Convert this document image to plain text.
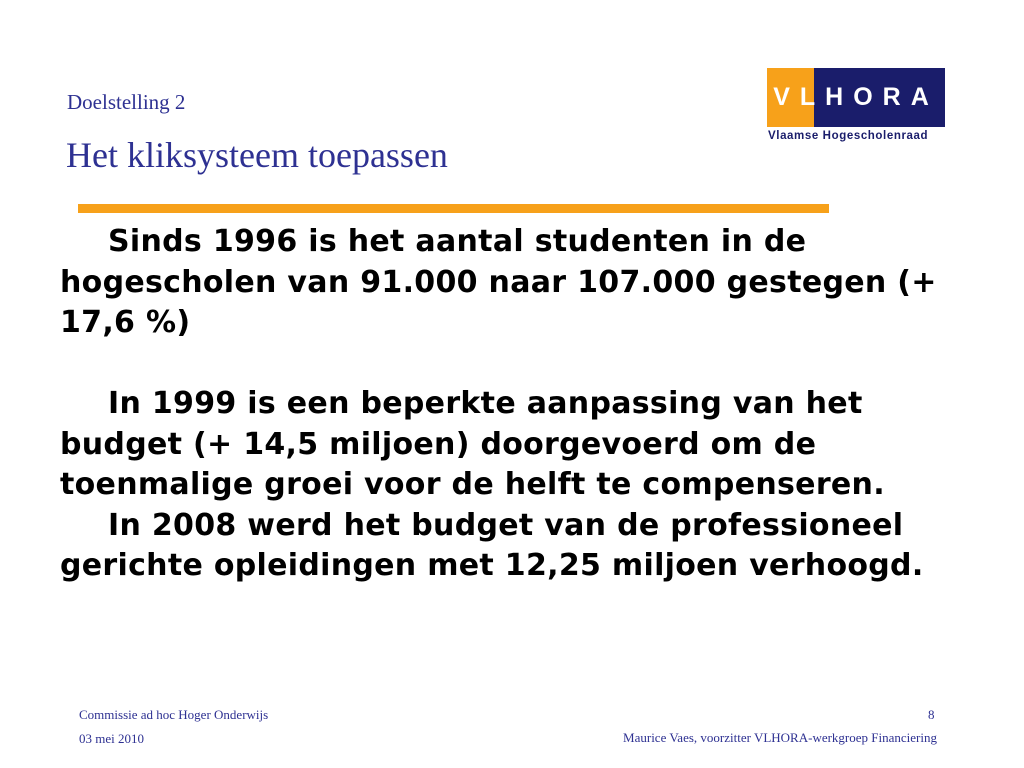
Doelstelling 2
Het kliksysteem toepassen
VLHORA
Vlaamse Hogescholenraad

Sinds 1996 is het aantal studenten in de hogescholen van 91.000 naar 107.000 gestegen (+ 17,6 %)

In 1999 is een beperkte aanpassing van het budget (+ 14,5 miljoen) doorgevoerd om de toenmalige groei voor de helft te compenseren.

In 2008 werd het budget van de professioneel gerichte opleidingen met 12,25 miljoen verhoogd.

Commissie ad hoc Hoger Onderwijs
03 mei 2010
8
Maurice Vaes, voorzitter VLHORA-werkgroep Financiering
